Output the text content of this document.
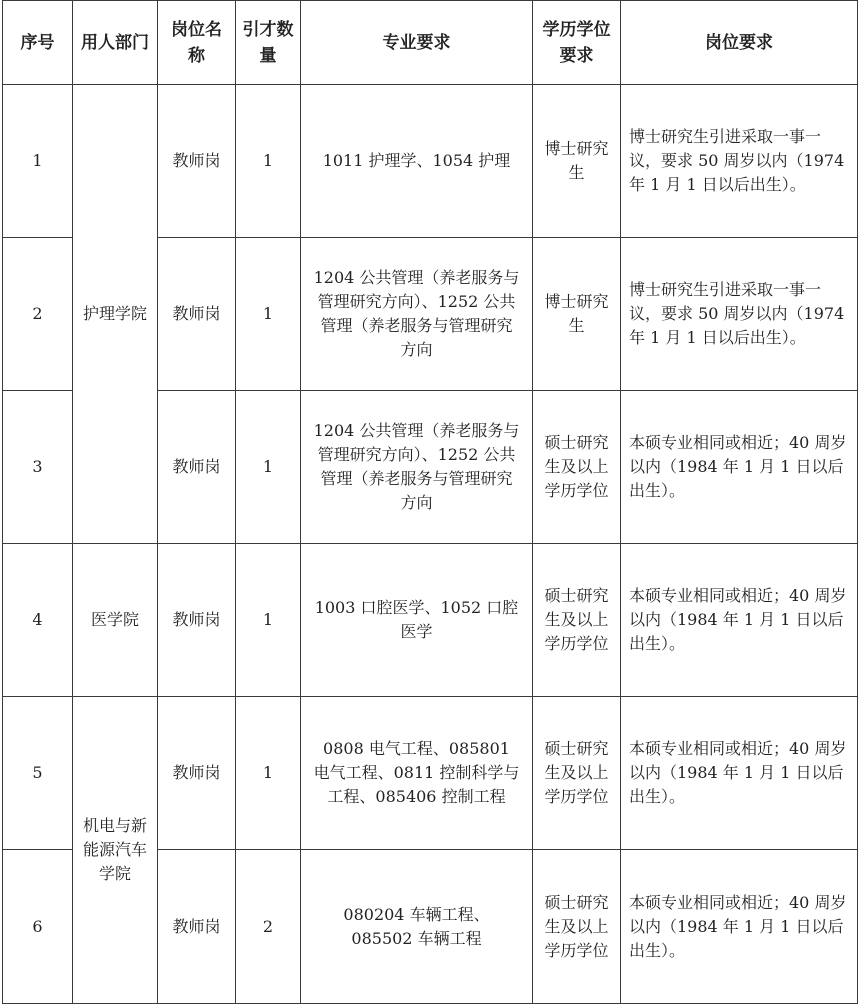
序号	用人部门	岗位名称	引才数量	专业要求	学历学位要求	岗位要求
1	护理学院	教师岗	1	1011 护理学、1054 护理	博士研究生	博士研究生引进采取一事一议，要求 50 周岁以内（1974 年 1 月 1 日以后出生）。
2		教师岗	1	1204 公共管理（养老服务与管理研究方向）、1252 公共管理（养老服务与管理研究方向	博士研究生	博士研究生引进采取一事一议，要求 50 周岁以内（1974 年 1 月 1 日以后出生）。
3		教师岗	1	1204 公共管理（养老服务与管理研究方向）、1252 公共管理（养老服务与管理研究方向	硕士研究生及以上学历学位	本硕专业相同或相近；40 周岁以内（1984 年 1 月 1 日以后出生）。
4	医学院	教师岗	1	1003 口腔医学、1052 口腔医学	硕士研究生及以上学历学位	本硕专业相同或相近；40 周岁以内（1984 年 1 月 1 日以后出生）。
5	机电与新能源汽车学院	教师岗	1	0808 电气工程、085801 电气工程、0811 控制科学与工程、085406 控制工程	硕士研究生及以上学历学位	本硕专业相同或相近；40 周岁以内（1984 年 1 月 1 日以后出生）。
6		教师岗	2	080204 车辆工程、085502 车辆工程	硕士研究生及以上学历学位	本硕专业相同或相近；40 周岁以内（1984 年 1 月 1 日以后出生）。
